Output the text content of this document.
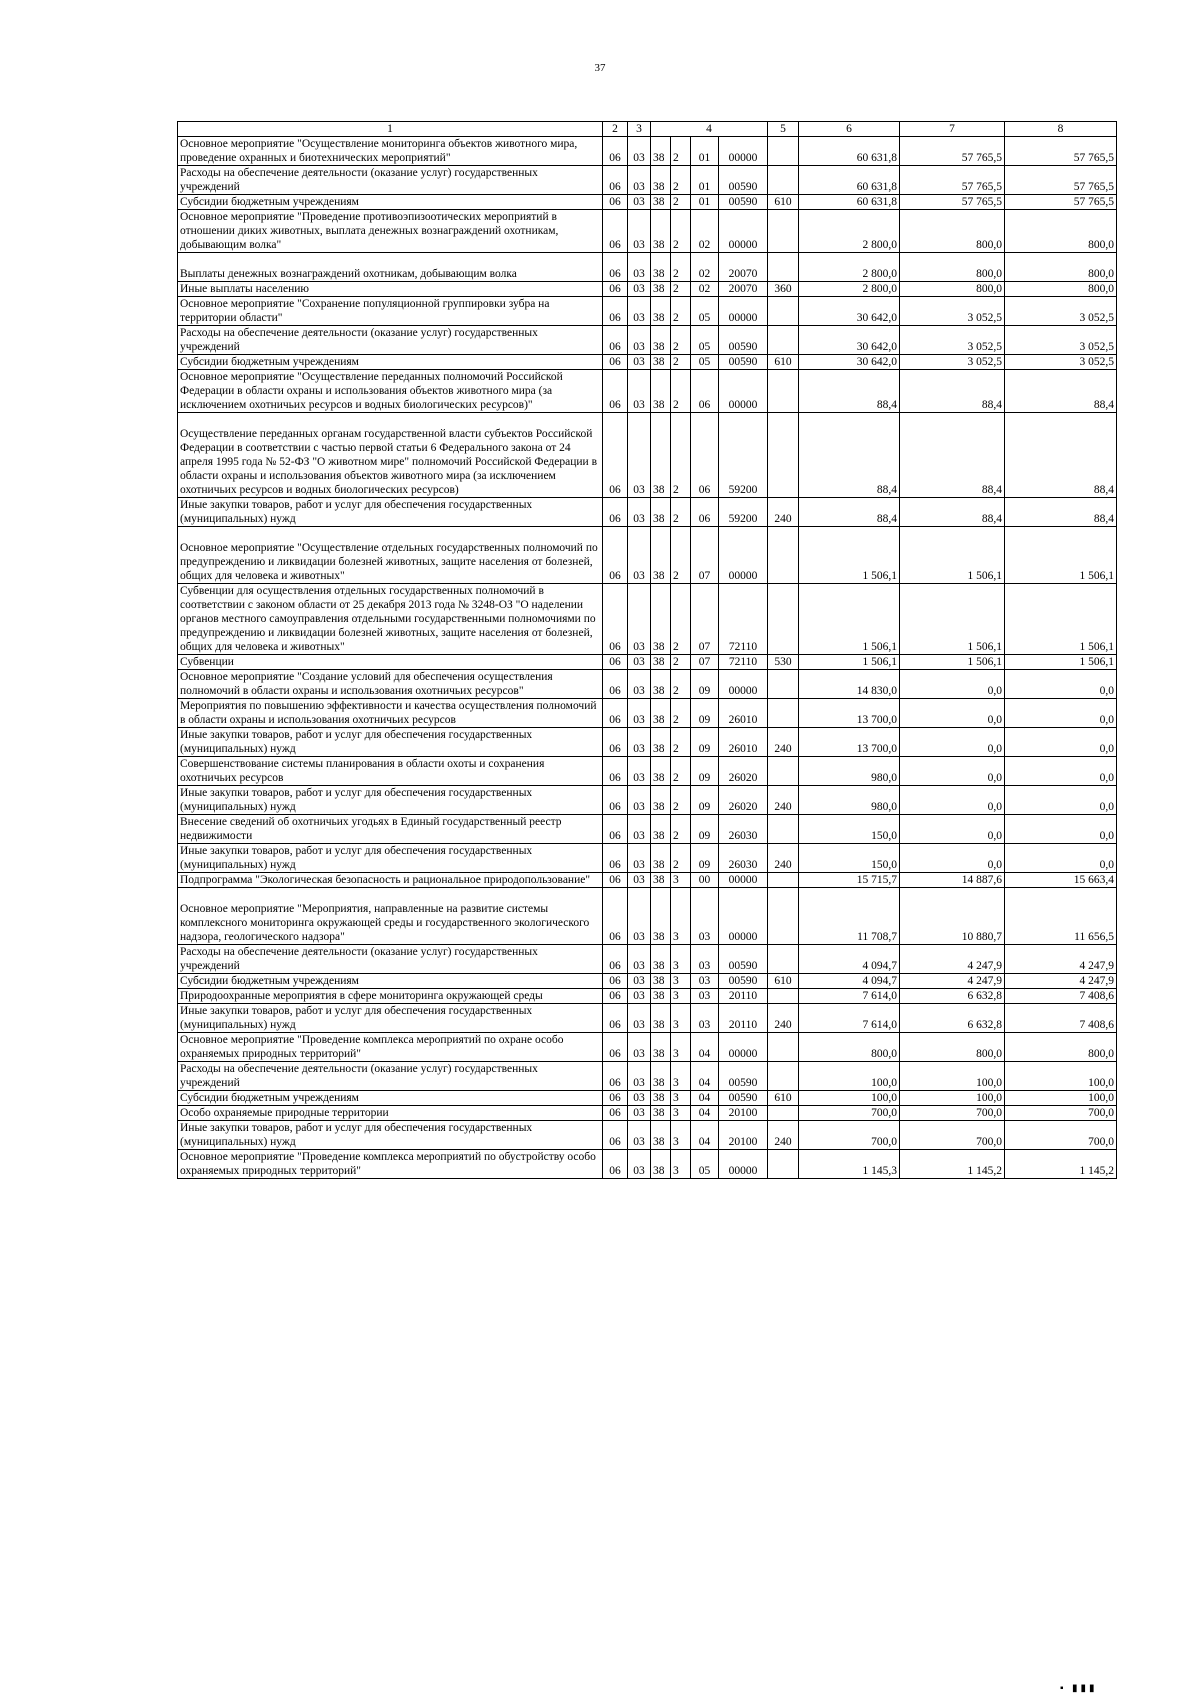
37
1	2	3	4				5	6	7	8
Основное мероприятие "Осуществление мониторинга объектов животного мира, проведение охранных и биотехнических мероприятий"	06	03	38	2	01	00000		60 631,8	57 765,5	57 765,5
Расходы на обеспечение деятельности (оказание услуг) государственных учреждений	06	03	38	2	01	00590		60 631,8	57 765,5	57 765,5
Субсидии бюджетным учреждениям	06	03	38	2	01	00590	610	60 631,8	57 765,5	57 765,5
Основное мероприятие "Проведение противоэпизоотических мероприятий в отношении диких животных, выплата денежных вознаграждений охотникам, добывающим волка"	06	03	38	2	02	00000		2 800,0	800,0	800,0
Выплаты денежных вознаграждений охотникам, добывающим волка	06	03	38	2	02	20070		2 800,0	800,0	800,0
Иные выплаты населению	06	03	38	2	02	20070	360	2 800,0	800,0	800,0
Основное мероприятие "Сохранение популяционной группировки зубра на территории области"	06	03	38	2	05	00000		30 642,0	3 052,5	3 052,5
Расходы на обеспечение деятельности (оказание услуг) государственных учреждений	06	03	38	2	05	00590		30 642,0	3 052,5	3 052,5
Субсидии бюджетным учреждениям	06	03	38	2	05	00590	610	30 642,0	3 052,5	3 052,5
Основное мероприятие "Осуществление переданных полномочий Российской Федерации в области охраны и использования объектов животного мира (за исключением охотничьих ресурсов и водных биологических ресурсов)"	06	03	38	2	06	00000		88,4	88,4	88,4
Осуществление переданных органам государственной власти субъектов Российской Федерации в соответствии с частью первой статьи 6 Федерального закона от 24 апреля 1995 года № 52-ФЗ "О животном мире" полномочий Российской Федерации в области охраны и использования объектов животного мира (за исключением охотничьих ресурсов и водных биологических ресурсов)	06	03	38	2	06	59200		88,4	88,4	88,4
Иные закупки товаров, работ и услуг для обеспечения государственных (муниципальных) нужд	06	03	38	2	06	59200	240	88,4	88,4	88,4
Основное мероприятие "Осуществление отдельных государственных полномочий по предупреждению и ликвидации болезней животных, защите населения от болезней, общих для человека и животных"	06	03	38	2	07	00000		1 506,1	1 506,1	1 506,1
Субвенции для осуществления отдельных государственных полномочий в соответствии с законом области от 25 декабря 2013 года № 3248-ОЗ "О наделении органов местного самоуправления отдельными государственными полномочиями по предупреждению и ликвидации болезней животных, защите населения от болезней, общих для человека и животных"	06	03	38	2	07	72110		1 506,1	1 506,1	1 506,1
Субвенции	06	03	38	2	07	72110	530	1 506,1	1 506,1	1 506,1
Основное мероприятие "Создание условий для обеспечения осуществления полномочий в области охраны и использования охотничьих ресурсов"	06	03	38	2	09	00000		14 830,0	0,0	0,0
Мероприятия по повышению эффективности и качества осуществления полномочий в области охраны и использования охотничьих ресурсов	06	03	38	2	09	26010		13 700,0	0,0	0,0
Иные закупки товаров, работ и услуг для обеспечения государственных (муниципальных) нужд	06	03	38	2	09	26010	240	13 700,0	0,0	0,0
Совершенствование системы планирования в области охоты и сохранения охотничьих ресурсов	06	03	38	2	09	26020		980,0	0,0	0,0
Иные закупки товаров, работ и услуг для обеспечения государственных (муниципальных) нужд	06	03	38	2	09	26020	240	980,0	0,0	0,0
Внесение сведений об охотничьих угодьях в Единый государственный реестр недвижимости	06	03	38	2	09	26030		150,0	0,0	0,0
Иные закупки товаров, работ и услуг для обеспечения государственных (муниципальных) нужд	06	03	38	2	09	26030	240	150,0	0,0	0,0
Подпрограмма "Экологическая безопасность и рациональное природопользование"	06	03	38	3	00	00000		15 715,7	14 887,6	15 663,4
Основное мероприятие "Мероприятия, направленные на развитие системы комплексного мониторинга окружающей среды и государственного экологического надзора, геологического надзора"	06	03	38	3	03	00000		11 708,7	10 880,7	11 656,5
Расходы на обеспечение деятельности (оказание услуг) государственных учреждений	06	03	38	3	03	00590		4 094,7	4 247,9	4 247,9
Субсидии бюджетным учреждениям	06	03	38	3	03	00590	610	4 094,7	4 247,9	4 247,9
Природоохранные мероприятия в сфере мониторинга окружающей среды	06	03	38	3	03	20110		7 614,0	6 632,8	7 408,6
Иные закупки товаров, работ и услуг для обеспечения государственных (муниципальных) нужд	06	03	38	3	03	20110	240	7 614,0	6 632,8	7 408,6
Основное мероприятие "Проведение комплекса мероприятий по охране особо охраняемых природных территорий"	06	03	38	3	04	00000		800,0	800,0	800,0
Расходы на обеспечение деятельности (оказание услуг) государственных учреждений	06	03	38	3	04	00590		100,0	100,0	100,0
Субсидии бюджетным учреждениям	06	03	38	3	04	00590	610	100,0	100,0	100,0
Особо охраняемые природные территории	06	03	38	3	04	20100		700,0	700,0	700,0
Иные закупки товаров, работ и услуг для обеспечения государственных (муниципальных) нужд	06	03	38	3	04	20100	240	700,0	700,0	700,0
Основное мероприятие "Проведение комплекса мероприятий по обустройству особо охраняемых природных территорий"	06	03	38	3	05	00000		1 145,3	1 145,2	1 145,2
▪ ▮▮▮
